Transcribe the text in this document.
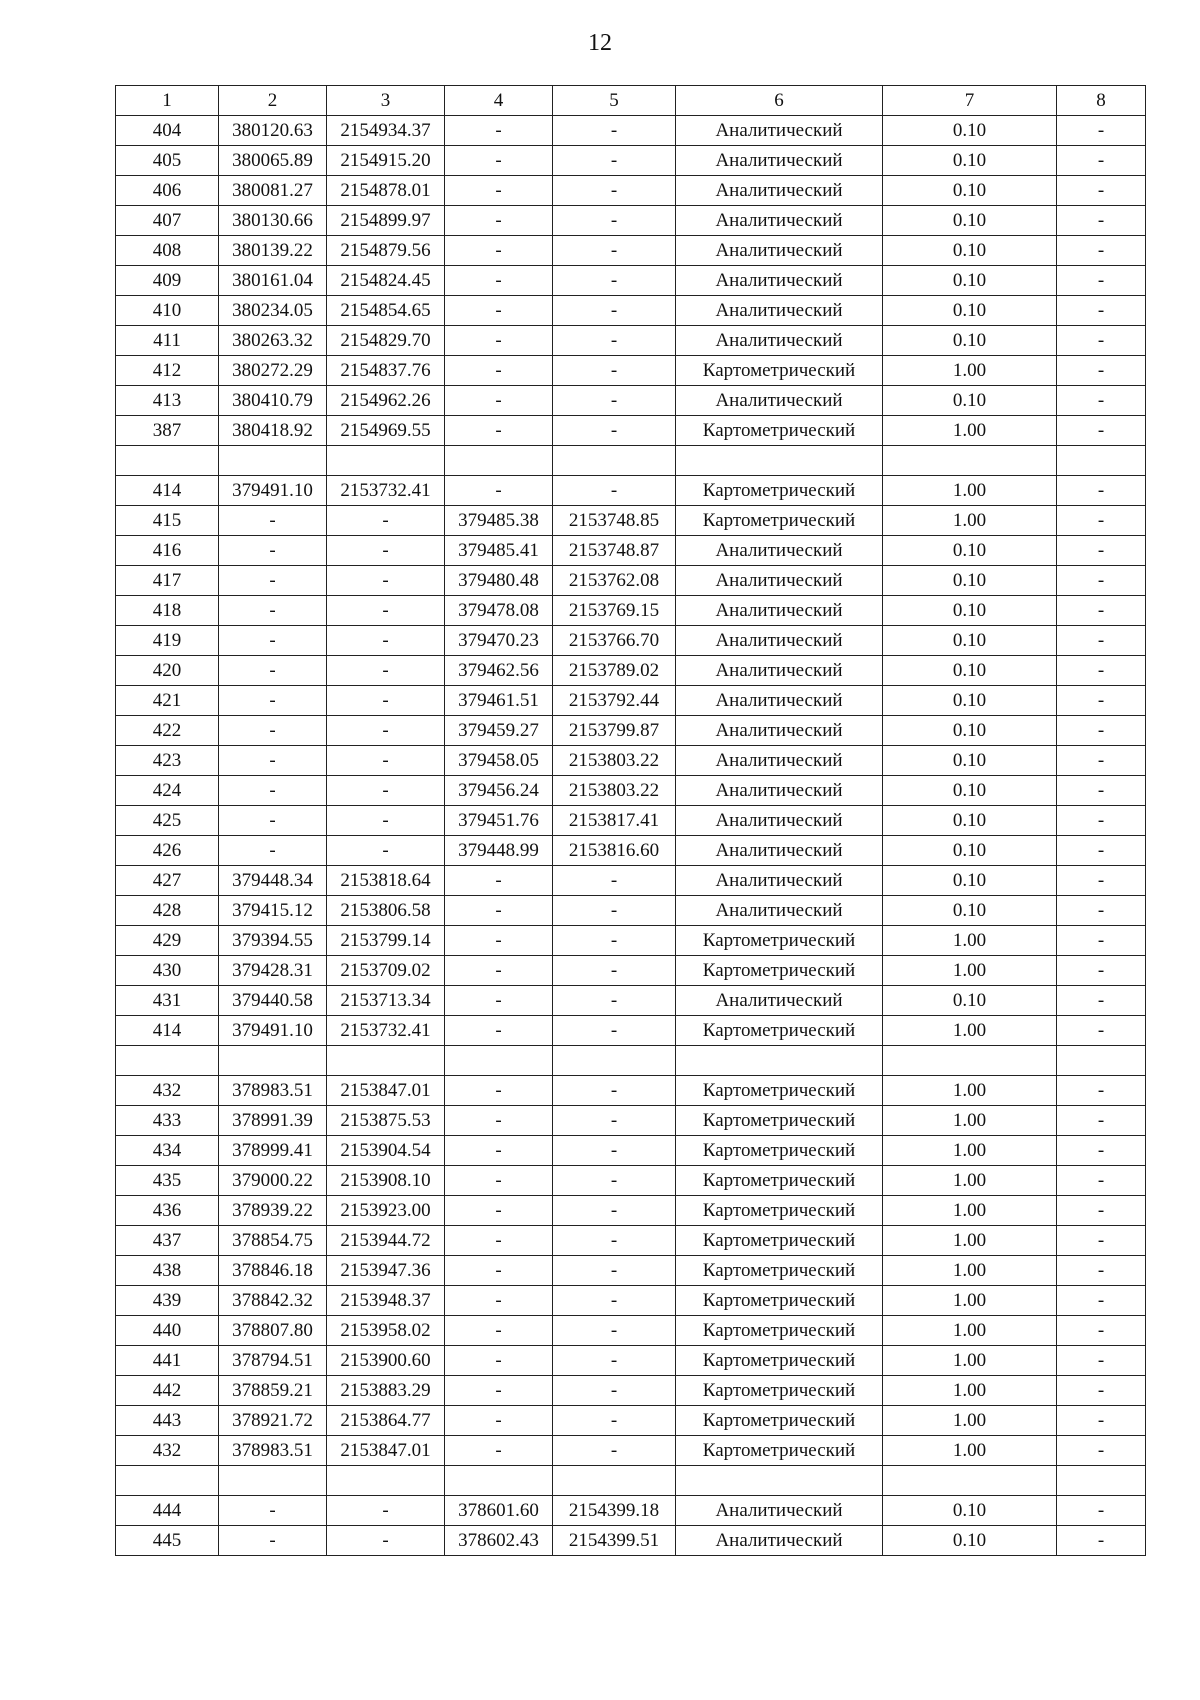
12
1	2	3	4	5	6	7	8
404	380120.63	2154934.37	-	-	Аналитический	0.10	-
405	380065.89	2154915.20	-	-	Аналитический	0.10	-
406	380081.27	2154878.01	-	-	Аналитический	0.10	-
407	380130.66	2154899.97	-	-	Аналитический	0.10	-
408	380139.22	2154879.56	-	-	Аналитический	0.10	-
409	380161.04	2154824.45	-	-	Аналитический	0.10	-
410	380234.05	2154854.65	-	-	Аналитический	0.10	-
411	380263.32	2154829.70	-	-	Аналитический	0.10	-
412	380272.29	2154837.76	-	-	Картометрический	1.00	-
413	380410.79	2154962.26	-	-	Аналитический	0.10	-
387	380418.92	2154969.55	-	-	Картометрический	1.00	-

414	379491.10	2153732.41	-	-	Картометрический	1.00	-
415	-	-	379485.38	2153748.85	Картометрический	1.00	-
416	-	-	379485.41	2153748.87	Аналитический	0.10	-
417	-	-	379480.48	2153762.08	Аналитический	0.10	-
418	-	-	379478.08	2153769.15	Аналитический	0.10	-
419	-	-	379470.23	2153766.70	Аналитический	0.10	-
420	-	-	379462.56	2153789.02	Аналитический	0.10	-
421	-	-	379461.51	2153792.44	Аналитический	0.10	-
422	-	-	379459.27	2153799.87	Аналитический	0.10	-
423	-	-	379458.05	2153803.22	Аналитический	0.10	-
424	-	-	379456.24	2153803.22	Аналитический	0.10	-
425	-	-	379451.76	2153817.41	Аналитический	0.10	-
426	-	-	379448.99	2153816.60	Аналитический	0.10	-
427	379448.34	2153818.64	-	-	Аналитический	0.10	-
428	379415.12	2153806.58	-	-	Аналитический	0.10	-
429	379394.55	2153799.14	-	-	Картометрический	1.00	-
430	379428.31	2153709.02	-	-	Картометрический	1.00	-
431	379440.58	2153713.34	-	-	Аналитический	0.10	-
414	379491.10	2153732.41	-	-	Картометрический	1.00	-

432	378983.51	2153847.01	-	-	Картометрический	1.00	-
433	378991.39	2153875.53	-	-	Картометрический	1.00	-
434	378999.41	2153904.54	-	-	Картометрический	1.00	-
435	379000.22	2153908.10	-	-	Картометрический	1.00	-
436	378939.22	2153923.00	-	-	Картометрический	1.00	-
437	378854.75	2153944.72	-	-	Картометрический	1.00	-
438	378846.18	2153947.36	-	-	Картометрический	1.00	-
439	378842.32	2153948.37	-	-	Картометрический	1.00	-
440	378807.80	2153958.02	-	-	Картометрический	1.00	-
441	378794.51	2153900.60	-	-	Картометрический	1.00	-
442	378859.21	2153883.29	-	-	Картометрический	1.00	-
443	378921.72	2153864.77	-	-	Картометрический	1.00	-
432	378983.51	2153847.01	-	-	Картометрический	1.00	-

444	-	-	378601.60	2154399.18	Аналитический	0.10	-
445	-	-	378602.43	2154399.51	Аналитический	0.10	-
